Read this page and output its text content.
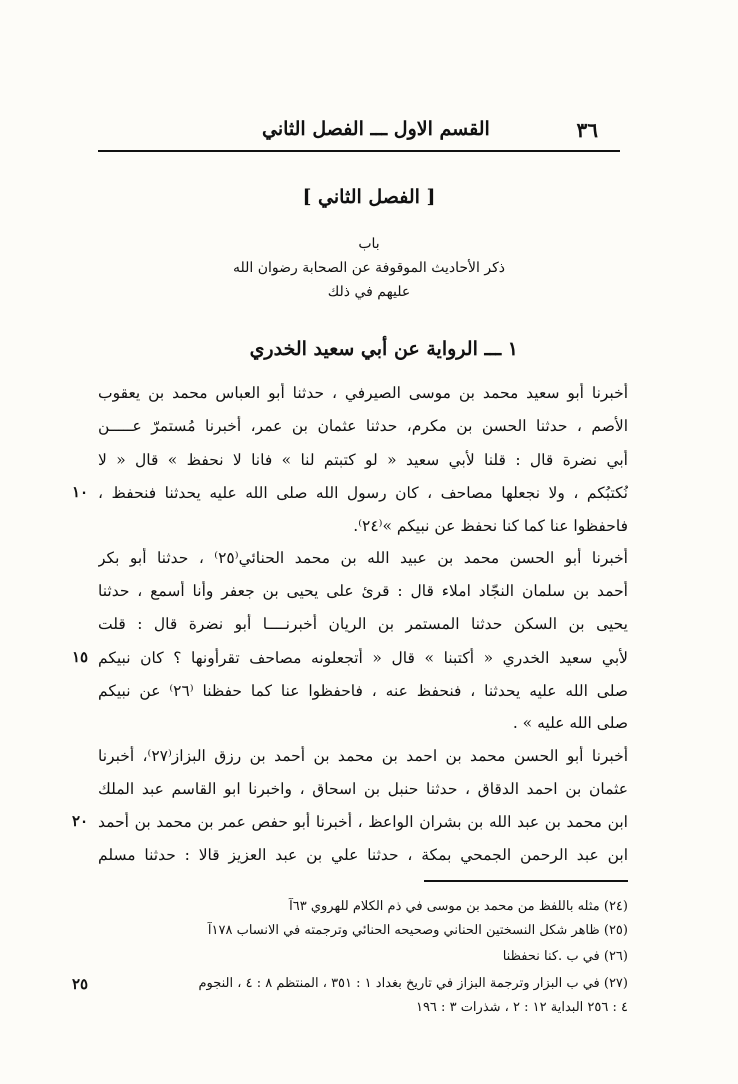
٣٦
القسم الاول ـــ الفصل الثاني
[ الفصل الثاني ]
باب
ذكر الأحاديث الموقوفة عن الصحابة رضوان الله
عليهم في ذلك
١ ـــ الرواية عن أبي سعيد الخدري
أخبرنا أبو سعيد محمد بن موسى الصيرفي ، حدثنا أبو العباس محمد بن يعقوب
الأصم ، حدثنا الحسن بن مكرم، حدثنا عثمان بن عمر، أخبرنا مُستمرّ عـــــن
أبي نضرة قال : قلنا لأبي سعيد « لو كتبتم لنا » فانا لا نحفظ » قال « لا
نُكتبُكم ، ولا نجعلها مصاحف ، كان رسول الله صلى الله عليه يحدثنا فنحفظ ،
فاحفظوا عنا كما كنا نحفظ عن نبيكم »⁽٢٤⁾.
أخبرنا أبو الحسن محمد بن عبيد الله بن محمد الحنائي⁽٢٥⁾ ، حدثنا أبو بكر
أحمد بن سلمان النجّاد املاء قال : قرئ على يحيى بن جعفر وأنا أسمع ، حدثنا
يحيى بن السكن حدثنا المستمر بن الريان أخبرنــــا أبو نضرة قال : قلت
لأبي سعيد الخدري « أكتبنا » قال « أتجعلونه مصاحف تقرأونها ؟ كان نبيكم
صلى الله عليه يحدثنا ، فنحفظ عنه ، فاحفظوا عنا كما حفظنا ⁽٢٦⁾ عن نبيكم
صلى الله عليه » .
أخبرنا أبو الحسن محمد بن احمد بن محمد بن أحمد بن رزق البزاز⁽٢٧⁾، أخبرنا
عثمان بن احمد الدقاق ، حدثنا حنبل بن اسحاق ، واخبرنا ابو القاسم عبد الملك
ابن محمد بن عبد الله بن بشران الواعظ ، أخبرنا أبو حفص عمر بن محمد بن أحمد
ابن عبد الرحمن الجمحي بمكة ، حدثنا علي بن عبد العزيز قالا : حدثنا مسلم
١٠
١٥
٢٠
٢٥
(٢٤) مثله باللفظ من محمد بن موسى في ذم الكلام للهروي ٦٣آ
(٢٥) ظاهر شكل النسختين الحناني وصحيحه الحنائي وترجمته في الانساب ١٧٨آ
(٢٦) في ب .كنا نحفظنا
(٢٧) في ب البزار وترجمة البزاز في تاريخ بغداد ١ : ٣٥١ ، المنتظم ٨ : ٤ ، النجوم
٤ : ٢٥٦ البداية ١٢ : ٢ ، شذرات ٣ : ١٩٦
